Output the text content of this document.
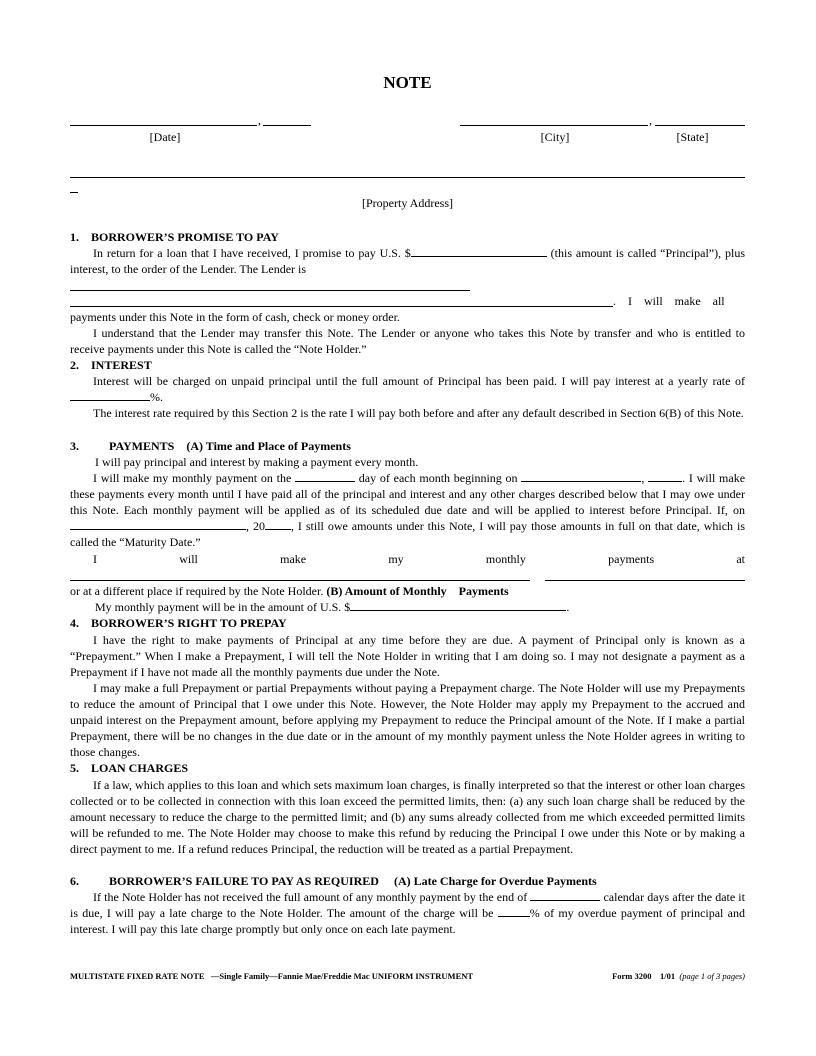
NOTE
,	,
[Date]	[City]	[State]
[Property Address]
1.    BORROWER’S PROMISE TO PAY
In return for a loan that I have received, I promise to pay U.S. $	(this amount is called “Principal”), plus interest, to the order of the Lender. The Lender is
.    I    will    make    all
payments under this Note in the form of cash, check or money order.
I understand that the Lender may transfer this Note. The Lender or anyone who takes this Note by transfer and who is entitled to receive payments under this Note is called the “Note Holder.”
2.    INTEREST
Interest will be charged on unpaid principal until the full amount of Principal has been paid. I will pay interest at a yearly rate of %.
The interest rate required by this Section 2 is the rate I will pay both before and after any default described in Section 6(B) of this Note.
3.          PAYMENTS    (A) Time and Place of Payments
I will pay principal and interest by making a payment every month.
I will make my monthly payment on the	day of each month beginning on	,	. I will make these payments every month until I have paid all of the principal and interest and any other charges described below that I may owe under this Note. Each monthly payment will be applied as of its scheduled due date and will be applied to interest before Principal. If, on , 20 , I still owe amounts under this Note, I will pay those amounts in full on that date, which is called the “Maturity Date.”
I will make my monthly payments at
or at a different place if required by the Note Holder. (B) Amount of Monthly    Payments
My monthly payment will be in the amount of U.S. $	.
4.    BORROWER’S RIGHT TO PREPAY
I have the right to make payments of Principal at any time before they are due. A payment of Principal only is known as a “Prepayment.” When I make a Prepayment, I will tell the Note Holder in writing that I am doing so. I may not designate a payment as a Prepayment if I have not made all the monthly payments due under the Note.
I may make a full Prepayment or partial Prepayments without paying a Prepayment charge. The Note Holder will use my Prepayments to reduce the amount of Principal that I owe under this Note. However, the Note Holder may apply my Prepayment to the accrued and unpaid interest on the Prepayment amount, before applying my Prepayment to reduce the Principal amount of the Note. If I make a partial Prepayment, there will be no changes in the due date or in the amount of my monthly payment unless the Note Holder agrees in writing to those changes.
5.    LOAN CHARGES
If a law, which applies to this loan and which sets maximum loan charges, is finally interpreted so that the interest or other loan charges collected or to be collected in connection with this loan exceed the permitted limits, then: (a) any such loan charge shall be reduced by the amount necessary to reduce the charge to the permitted limit; and (b) any sums already collected from me which exceeded permitted limits will be refunded to me. The Note Holder may choose to make this refund by reducing the Principal I owe under this Note or by making a direct payment to me. If a refund reduces Principal, the reduction will be treated as a partial Prepayment.
6.          BORROWER’S FAILURE TO PAY AS REQUIRED     (A) Late Charge for Overdue Payments
If the Note Holder has not received the full amount of any monthly payment by the end of	calendar days after the date it is due, I will pay a late charge to the Note Holder. The amount of the charge will be	% of my overdue payment of principal and interest. I will pay this late charge promptly but only once on each late payment.
MULTISTATE FIXED RATE NOTE   —Single Family—Fannie Mae/Freddie Mac UNIFORM INSTRUMENT	Form 3200    1/01  (page 1 of 3 pages)
